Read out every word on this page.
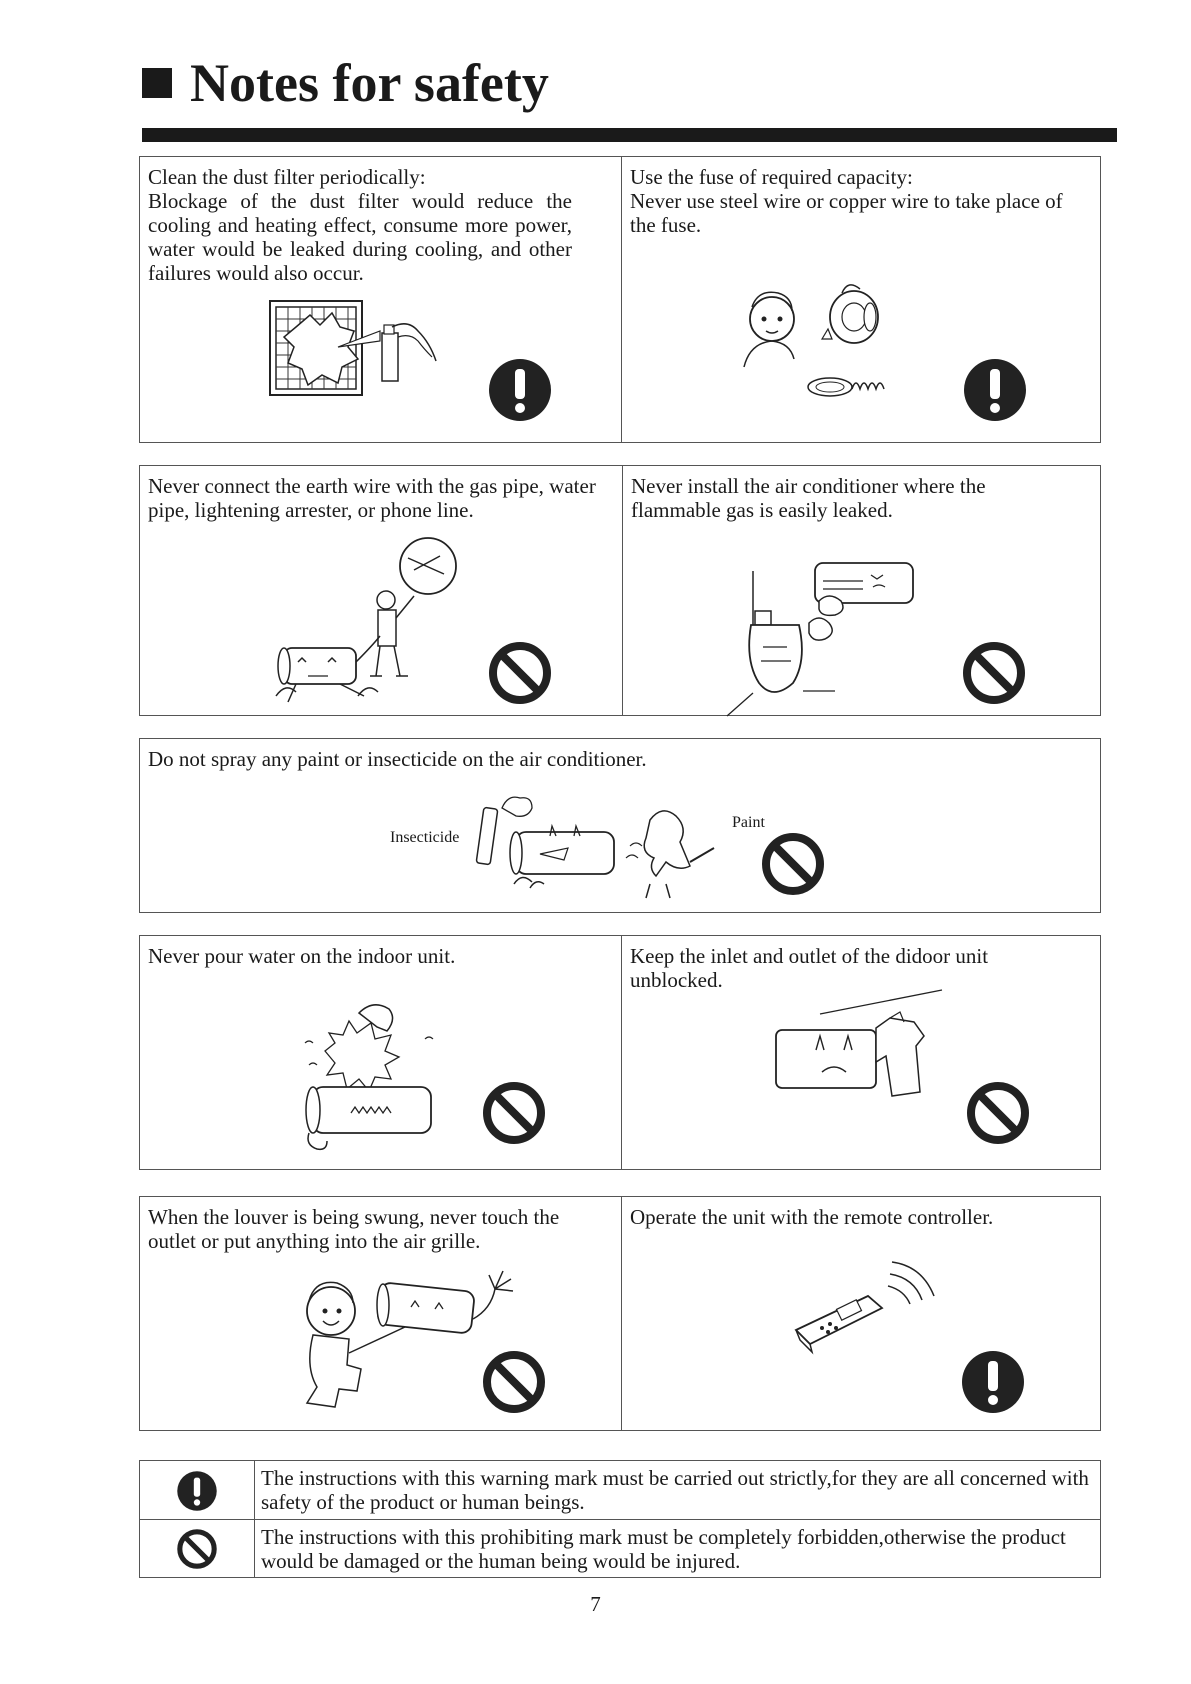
Notes for safety
Clean the dust filter periodically:
Blockage of the dust filter would reduce the cooling and heating effect, consume more power, water would be leaked during cooling, and other failures would also occur.
Use the fuse of required capacity:
Never use steel wire or copper wire to take place of the fuse.
Never connect the earth wire with the gas pipe, water pipe, lightening arrester, or phone line.
Never install the air conditioner where the flammable gas is easily leaked.
Do not spray any paint or insecticide on the air conditioner.
Insecticide
Paint
Never pour water on the indoor unit.	Keep the inlet and outlet of the didoor unit unblocked.
When the louver is being swung, never touch the outlet or put anything into the air grille.
Operate the unit with the remote controller.
The instructions with this warning mark must be carried out strictly,for they are all concerned with safety of the product or human beings.
The instructions with this prohibiting mark must be completely forbidden,otherwise the product would be damaged or the human being would be injured.
7
